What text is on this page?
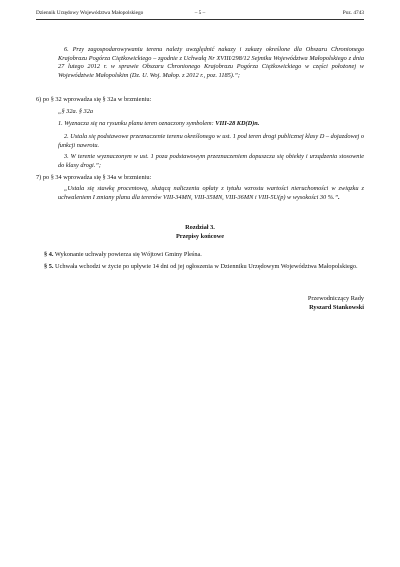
Dziennik Urzędowy Województwa Małopolskiego	– 5 –	Poz. 4743
6. Przy zagospodarowywaniu terenu należy uwzględnić nakazy i zakazy określone dla Obszaru Chronionego Krajobrazu Pogórza Ciężkowickiego – zgodnie z Uchwałą Nr XVIII/298/12 Sejmiku Województwa Małopolskiego z dnia 27 lutego 2012 r. w sprawie Obszaru Chronionego Krajobrazu Pogórza Ciężkowickiego w części położonej w Województwie Małopolskim (Dz. U. Woj. Małop. z 2012 r., poz. 1185).”;
6) po § 32 wprowadza się § 32a w brzmieniu:
„§ 32a. § 32a
1. Wyznacza się na rysunku planu teren oznaczony symbolem: VIII-28 KD(D)n.
2. Ustala się podstawowe przeznaczenie terenu określonego w ust. 1 pod teren drogi publicznej klasy D – dojazdowej o funkcji nawrotu.
3. W terenie wyznaczonym w ust. 1 poza podstawowym przeznaczeniem dopuszcza się obiekty i urządzenia stosownie do klasy drogi.”;
7) po § 34 wprowadza się § 34a w brzmieniu:
„Ustala się stawkę procentową, służącą naliczeniu opłaty z tytułu wzrostu wartości nieruchomości w związku z uchwaleniem I zmiany planu dla terenów VIII-34MN, VIII-35MN, VIII-36MN i VIII-5U(p) w wysokości 30 %.”.
Rozdział 3.
Przepisy końcowe
§ 4. Wykonanie uchwały powierza się Wójtowi Gminy Pleśna.
§ 5. Uchwała wchodzi w życie po upływie 14 dni od jej ogłoszenia w Dzienniku Urzędowym Województwa Małopolskiego.
Przewodniczący Rady
Ryszard Stankowski
